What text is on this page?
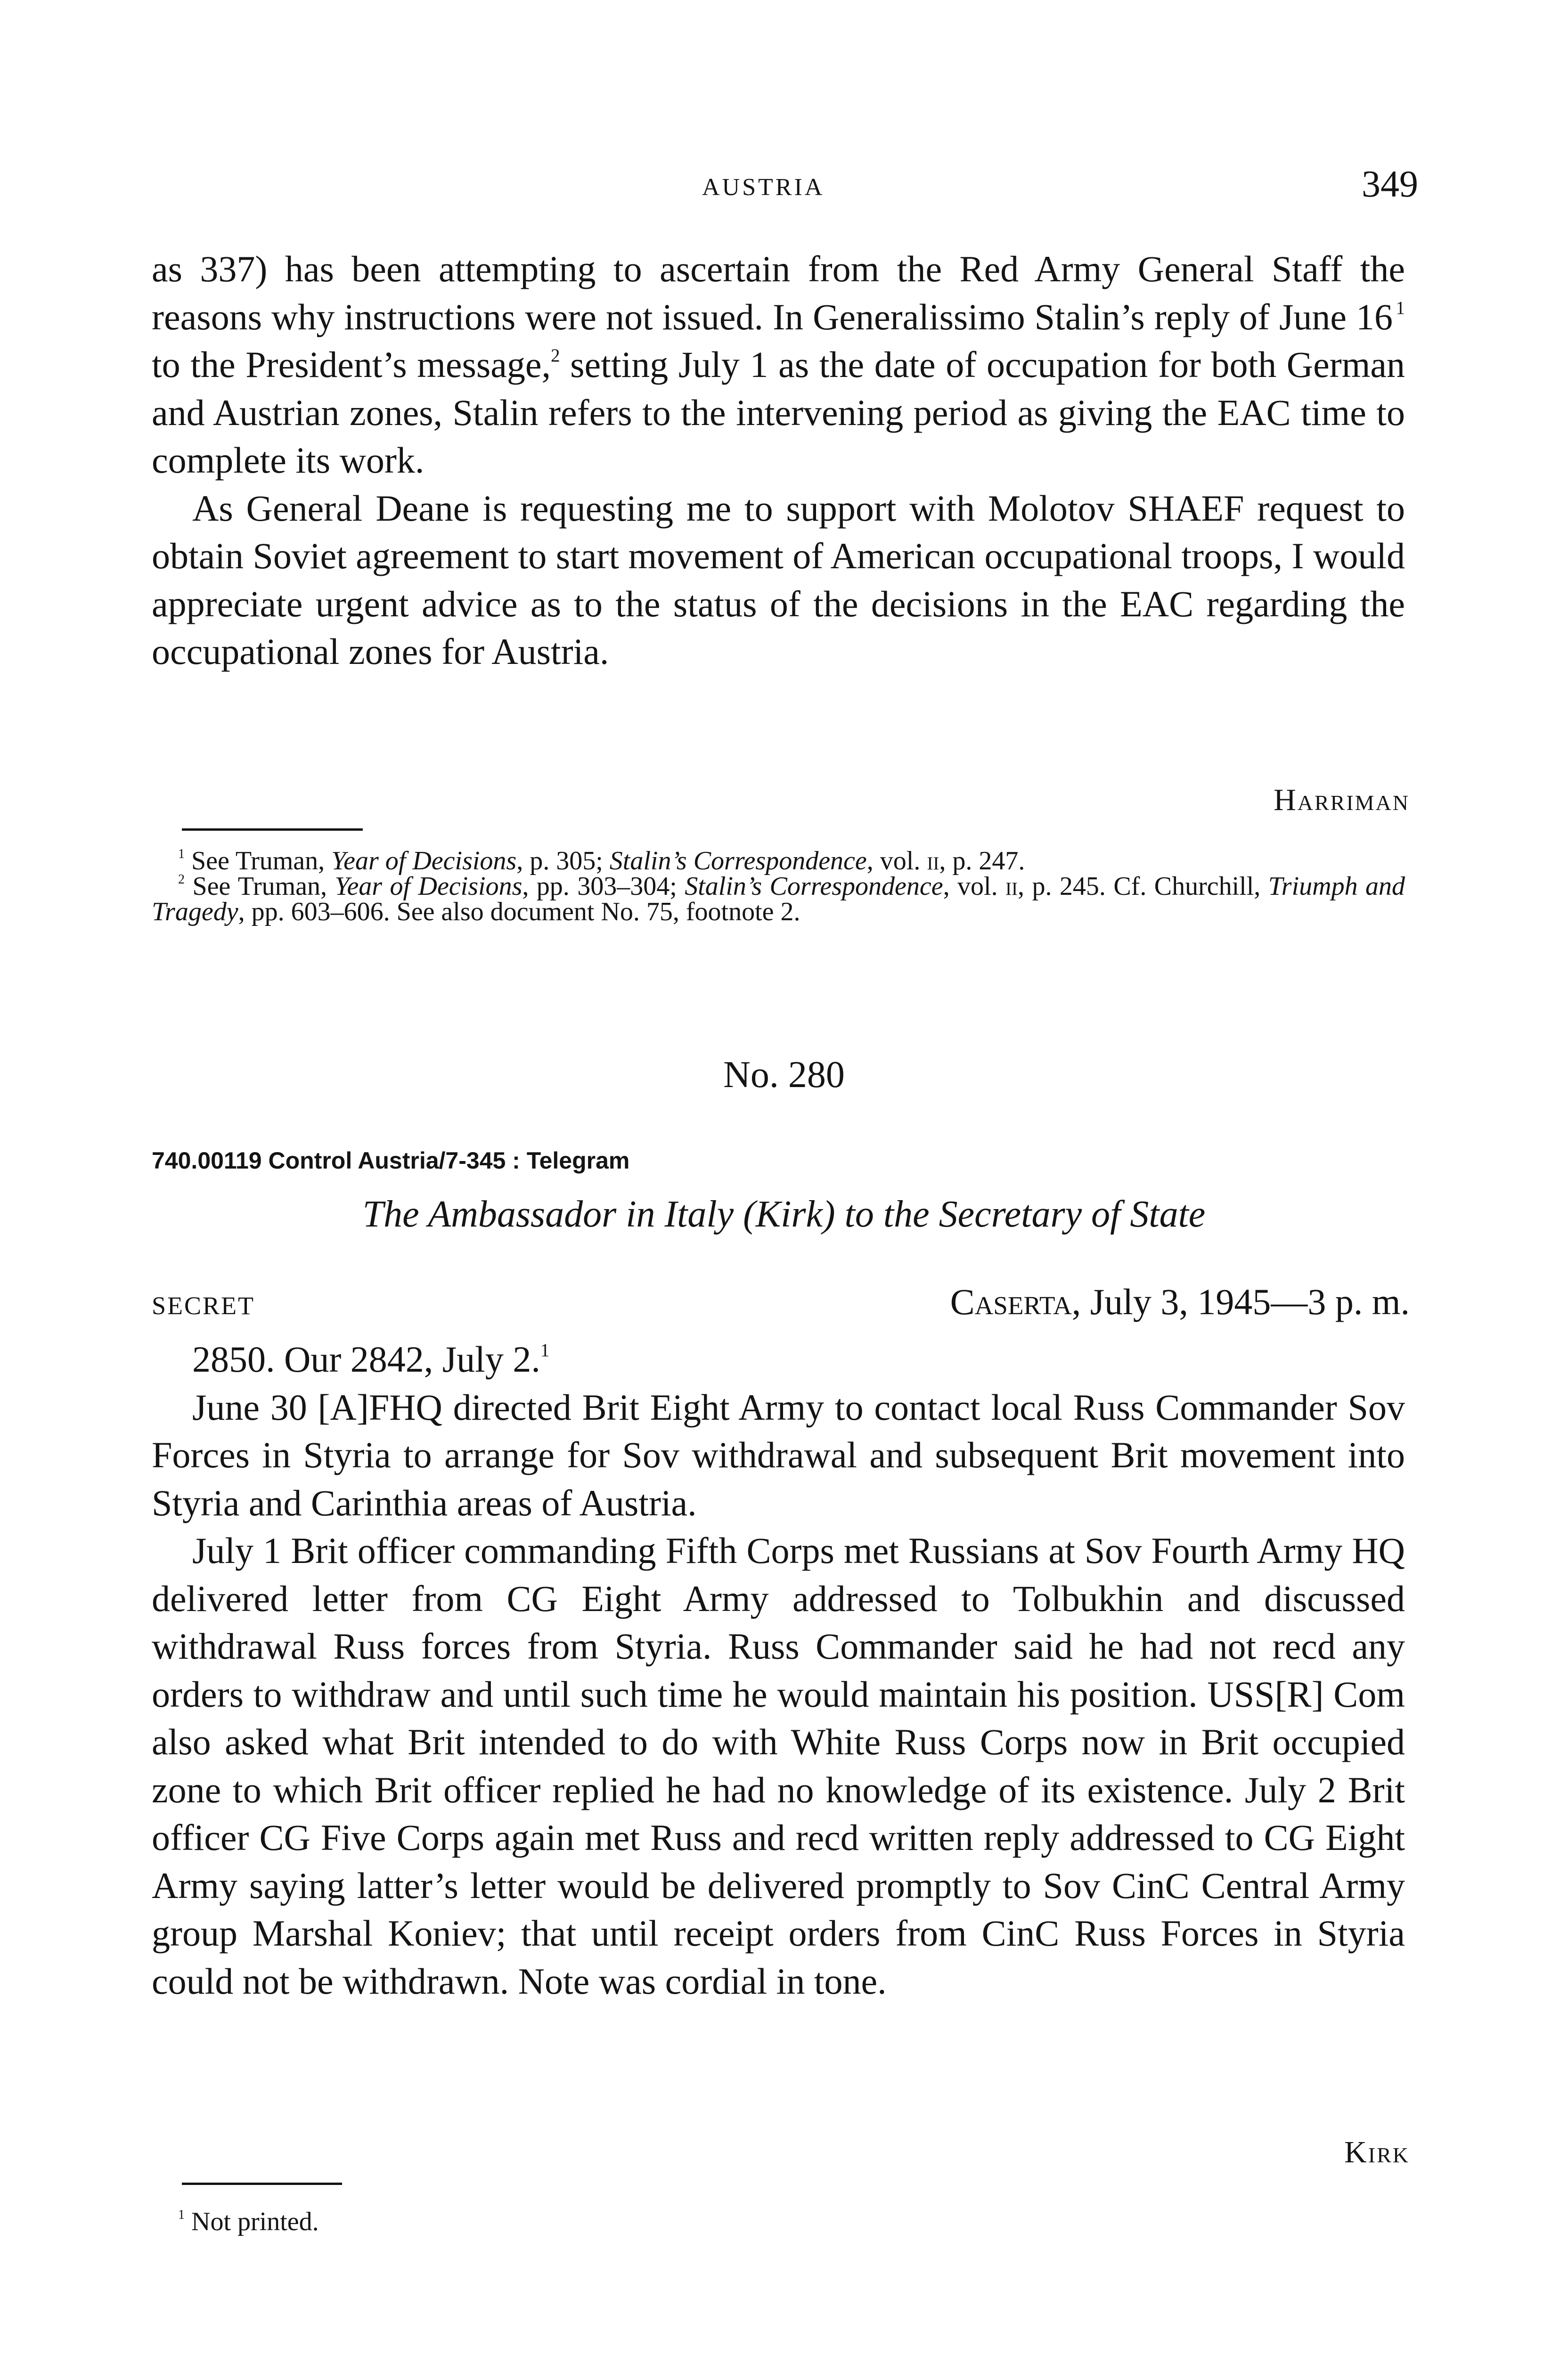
AUSTRIA	349

as 337) has been attempting to ascertain from the Red Army General Staff the reasons why instructions were not issued. In Generalissimo Stalin’s reply of June 16  $^1$ to the President’s message,$^2$ setting July 1 as the date of occupation for both German and Austrian zones, Stalin refers to the intervening period as giving the EAC time to complete its work.

As General Deane is requesting me to support with Molotov SHAEF request to obtain Soviet agreement to start movement of American occupational troops, I would appreciate urgent advice as to the status of the decisions in the EAC regarding the occupational zones for Austria.

Harriman

$^1$ See Truman, Year of Decisions, p. 305; Stalin’s Correspondence, vol. ii, p. 247.

$^2$ See Truman, Year of Decisions, pp. 303–304; Stalin’s Correspondence, vol. ii, p. 245. Cf. Churchill, Triumph and Tragedy, pp. 603–606. See also document No. 75, footnote 2.

No. 280
740.00119 Control Austria/7-345 : Telegram
The Ambassador in Italy (Kirk) to the Secretary of State
SECRET	Caserta, July 3, 1945—3 p. m.

2850. Our 2842, July 2.$^1$

June 30 [A]FHQ directed Brit Eight Army to contact local Russ Commander Sov Forces in Styria to arrange for Sov withdrawal and subsequent Brit movement into Styria and Carinthia areas of Austria.

July 1 Brit officer commanding Fifth Corps met Russians at Sov Fourth Army HQ delivered letter from CG Eight Army addressed to Tolbukhin and discussed withdrawal Russ forces from Styria. Russ Commander said he had not recd any orders to withdraw and until such time he would maintain his position. USS[R] Com also asked what Brit intended to do with White Russ Corps now in Brit occupied zone to which Brit officer replied he had no knowledge of its existence. July 2 Brit officer CG Five Corps again met Russ and recd written reply addressed to CG Eight Army saying latter’s letter would be delivered promptly to Sov CinC Central Army group Marshal Koniev; that until receipt orders from CinC Russ Forces in Styria could not be withdrawn. Note was cordial in tone.

Kirk

$^1$ Not printed.
